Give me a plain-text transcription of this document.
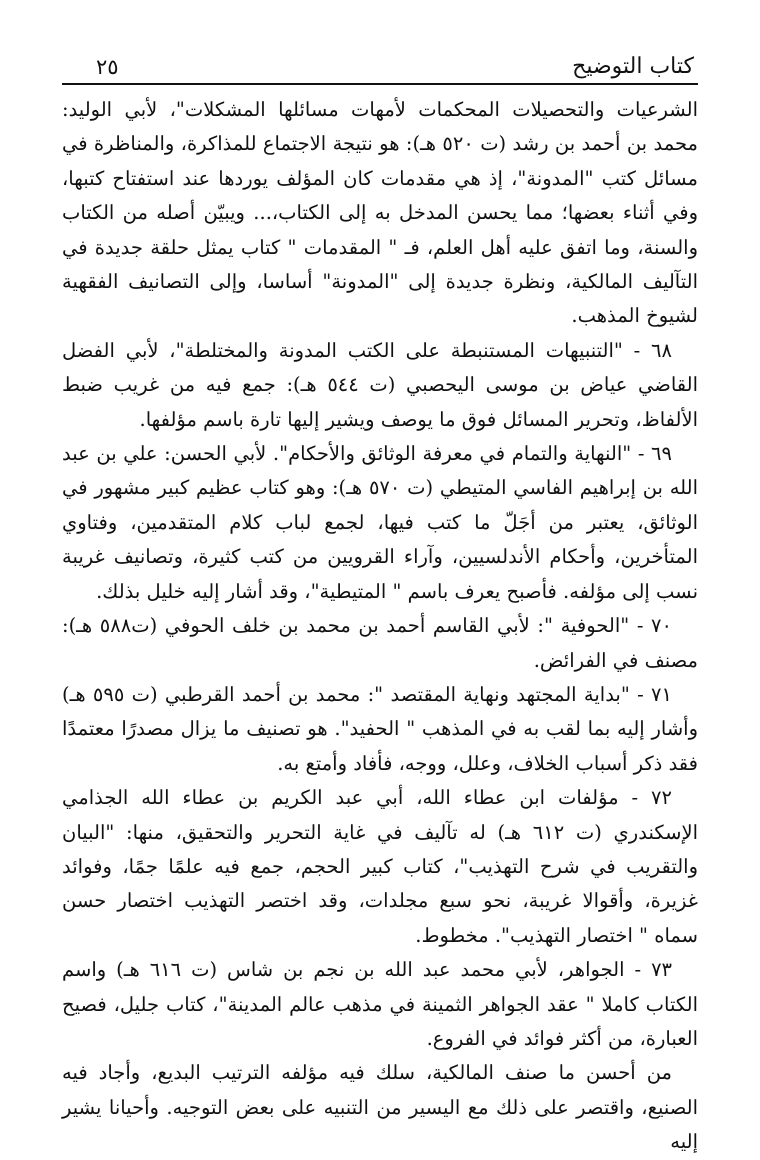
كتاب التوضيح
٢٥

الشرعيات والتحصيلات المحكمات لأمهات مسائلها المشكلات"، لأبي الوليد: محمد بن أحمد بن رشد (ت ٥٢٠ هـ): هو نتيجة الاجتماع للمذاكرة، والمناظرة في مسائل كتب "المدونة"، إذ هي مقدمات كان المؤلف يوردها عند استفتاح كتبها، وفي أثناء بعضها؛ مما يحسن المدخل به إلى الكتاب،... ويبيّن أصله من الكتاب والسنة، وما اتفق عليه أهل العلم، فـ " المقدمات " كتاب يمثل حلقة جديدة في التآليف المالكية، ونظرة جديدة إلى "المدونة" أساسا، وإلى التصانيف الفقهية لشيوخ المذهب.

٦٨ - "التنبيهات المستنبطة على الكتب المدونة والمختلطة"، لأبي الفضل القاضي عياض بن موسى اليحصبي (ت ٥٤٤ هـ): جمع فيه من غريب ضبط الألفاظ، وتحرير المسائل فوق ما يوصف ويشير إليها تارة باسم مؤلفها.

٦٩ - "النهاية والتمام في معرفة الوثائق والأحكام". لأبي الحسن: علي بن عبد الله بن إبراهيم الفاسي المتيطي (ت ٥٧٠ هـ): وهو كتاب عظيم كبير مشهور في الوثائق، يعتبر من أجَلّ ما كتب فيها، لجمع لباب كلام المتقدمين، وفتاوي المتأخرين، وأحكام الأندلسيين، وآراء القرويين من كتب كثيرة، وتصانيف غريبة نسب إلى مؤلفه. فأصبح يعرف باسم " المتيطية"، وقد أشار إليه خليل بذلك.

٧٠ - "الحوفية ": لأبي القاسم أحمد بن محمد بن خلف الحوفي (ت٥٨٨ هـ): مصنف في الفرائض.

٧١ - "بداية المجتهد ونهاية المقتصد ": محمد بن أحمد القرطبي (ت ٥٩٥ هـ) وأشار إليه بما لقب به في المذهب " الحفيد". هو تصنيف ما يزال مصدرًا معتمدًا فقد ذكر أسباب الخلاف، وعلل، ووجه، فأفاد وأمتع به.

٧٢ - مؤلفات ابن عطاء الله، أبي عبد الكريم بن عطاء الله الجذامي الإسكندري (ت ٦١٢ هـ) له تآليف في غاية التحرير والتحقيق، منها: "البيان والتقريب في شرح التهذيب"، كتاب كبير الحجم، جمع فيه علمًا جمًا، وفوائد غزيرة، وأقوالا غريبة، نحو سبع مجلدات، وقد اختصر التهذيب اختصار حسن سماه " اختصار التهذيب". مخطوط.

٧٣ - الجواهر، لأبي محمد عبد الله بن نجم بن شاس (ت ٦١٦ هـ) واسم الكتاب كاملا " عقد الجواهر الثمينة في مذهب عالم المدينة"، كتاب جليل، فصيح العبارة، من أكثر فوائد في الفروع.

من أحسن ما صنف المالكية، سلك فيه مؤلفه الترتيب البديع، وأجاد فيه الصنيع، واقتصر على ذلك مع اليسير من التنبيه على بعض التوجيه. وأحيانا يشير إليه
